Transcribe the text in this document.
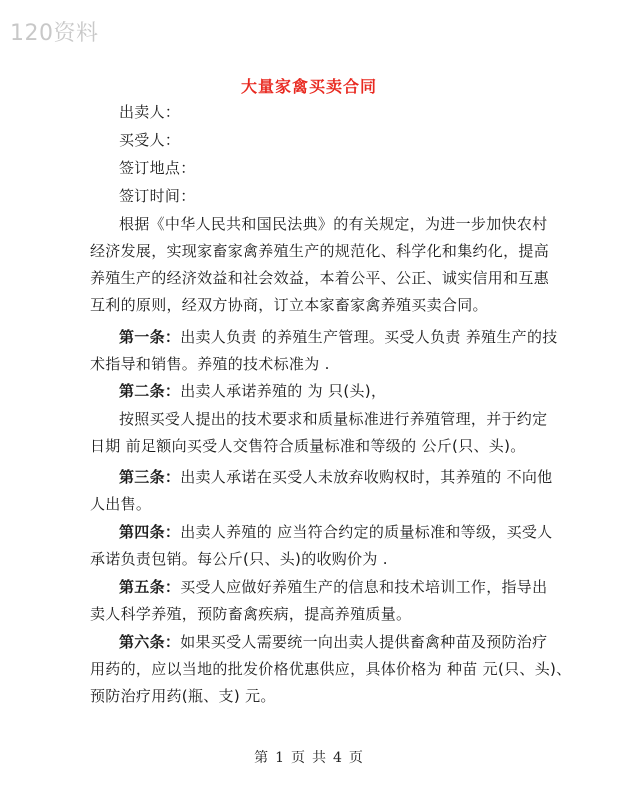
120资料
大量家禽买卖合同
出卖人：
买受人：
签订地点：
签订时间：
根据《中华人民共和国民法典》的有关规定，为进一步加快农村
经济发展，实现家畜家禽养殖生产的规范化、科学化和集约化，提高
养殖生产的经济效益和社会效益，本着公平、公正、诚实信用和互惠
互利的原则，经双方协商，订立本家畜家禽养殖买卖合同。
第一条：出卖人负责 的养殖生产管理。买受人负责 养殖生产的技
术指导和销售。养殖的技术标准为 .
第二条：出卖人承诺养殖的 为 只(头)，
按照买受人提出的技术要求和质量标准进行养殖管理，并于约定
日期 前足额向买受人交售符合质量标准和等级的 公斤(只、头)。
第三条：出卖人承诺在买受人未放弃收购权时，其养殖的 不向他
人出售。
第四条：出卖人养殖的 应当符合约定的质量标准和等级，买受人
承诺负责包销。每公斤(只、头)的收购价为 .
第五条：买受人应做好养殖生产的信息和技术培训工作，指导出
卖人科学养殖，预防畜禽疾病，提高养殖质量。
第六条：如果买受人需要统一向出卖人提供畜禽种苗及预防治疗
用药的，应以当地的批发价格优惠供应，具体价格为 种苗 元(只、头)、
预防治疗用药(瓶、支) 元。
第 1 页 共 4 页
